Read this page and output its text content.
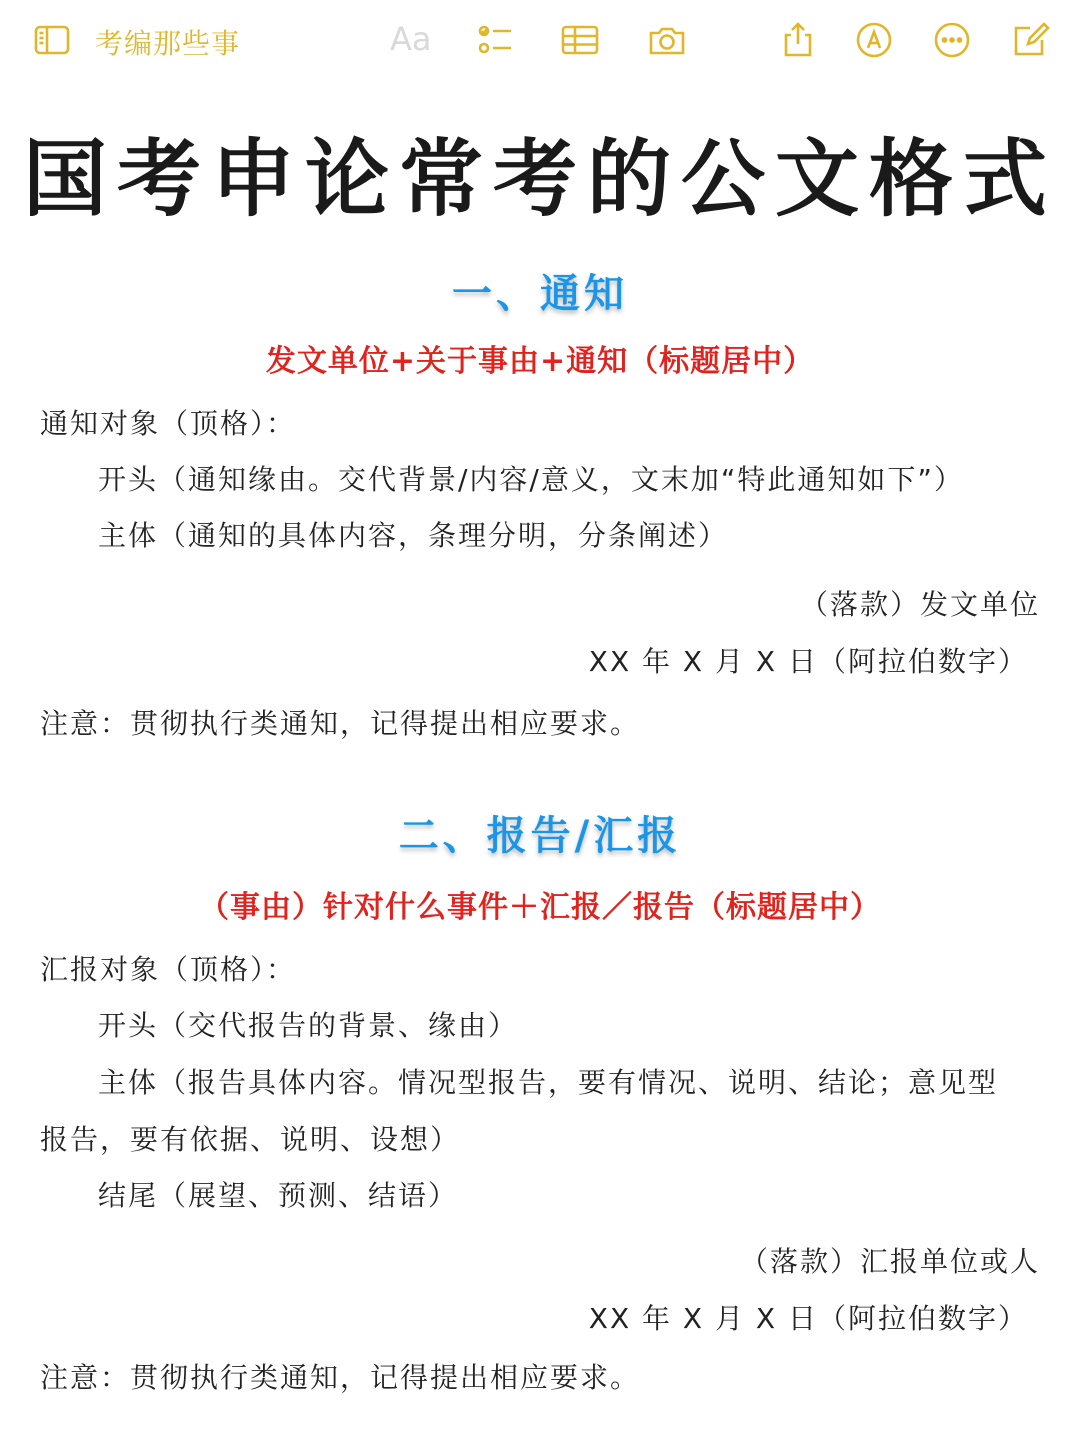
考编那些事	Aa
国考申论常考的公文格式
一、通知
发文单位+关于事由+通知（标题居中）
通知对象（顶格）：
开头（通知缘由。交代背景/内容/意义，文末加“特此通知如下”）
主体（通知的具体内容，条理分明，分条阐述）
（落款）发文单位
XX 年 X 月 X 日（阿拉伯数字）
注意：贯彻执行类通知，记得提出相应要求。
二、报告/汇报
（事由）针对什么事件＋汇报／报告（标题居中）
汇报对象（顶格）：
开头（交代报告的背景、缘由）
主体（报告具体内容。情况型报告，要有情况、说明、结论；意见型
报告，要有依据、说明、设想）
结尾（展望、预测、结语）
（落款）汇报单位或人
XX 年 X 月 X 日（阿拉伯数字）
注意：贯彻执行类通知，记得提出相应要求。
